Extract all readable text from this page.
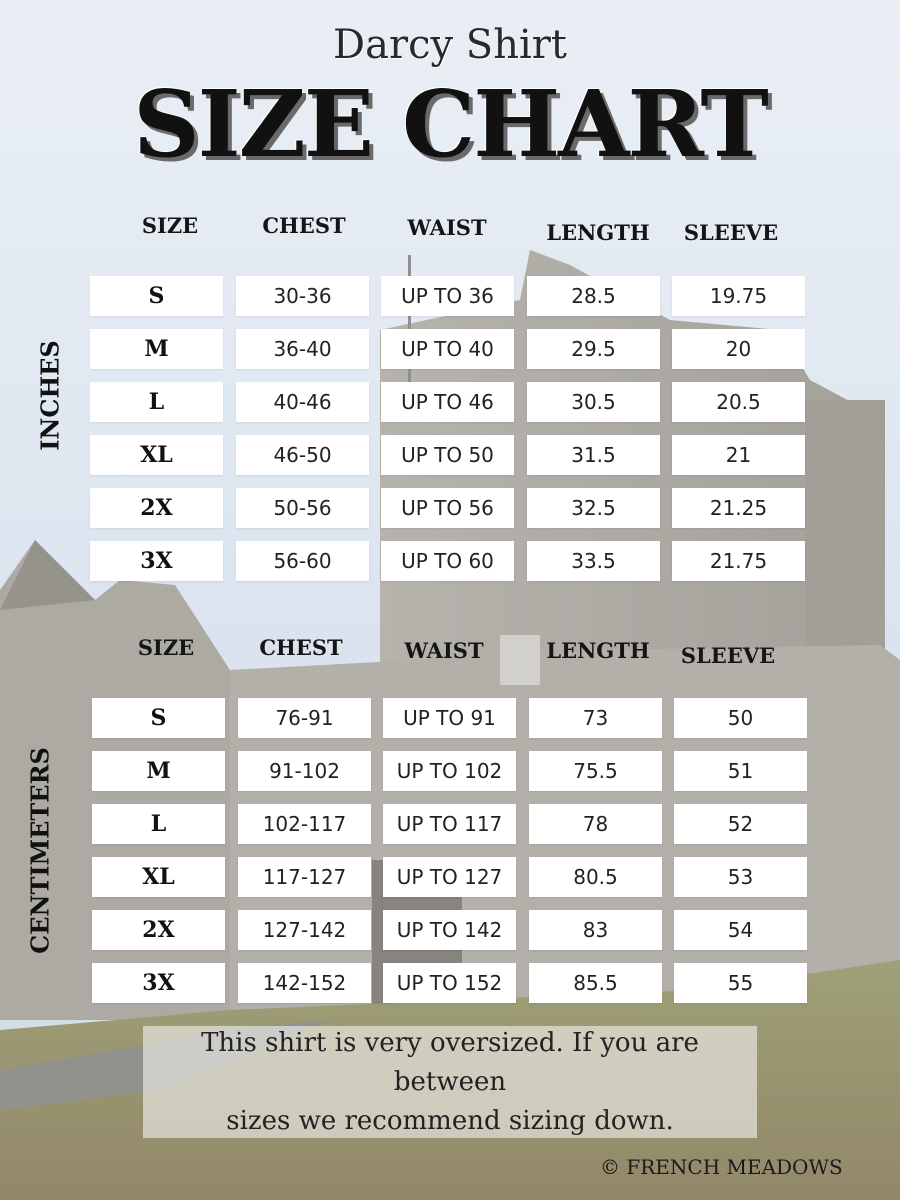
Darcy Shirt
SIZE CHART
INCHES
SIZE	CHEST	WAIST	LENGTH	SLEEVE
S	30-36	UP TO 36	28.5	19.75
M	36-40	UP TO 40	29.5	20
L	40-46	UP TO 46	30.5	20.5
XL	46-50	UP TO 50	31.5	21
2X	50-56	UP TO 56	32.5	21.25
3X	56-60	UP TO 60	33.5	21.75
CENTIMETERS
SIZE	CHEST	WAIST	LENGTH	SLEEVE
S	76-91	UP TO 91	73	50
M	91-102	UP TO 102	75.5	51
L	102-117	UP TO 117	78	52
XL	117-127	UP TO 127	80.5	53
2X	127-142	UP TO 142	83	54
3X	142-152	UP TO 152	85.5	55
This shirt is very oversized. If you are between
sizes we recommend sizing down.
© FRENCH MEADOWS
